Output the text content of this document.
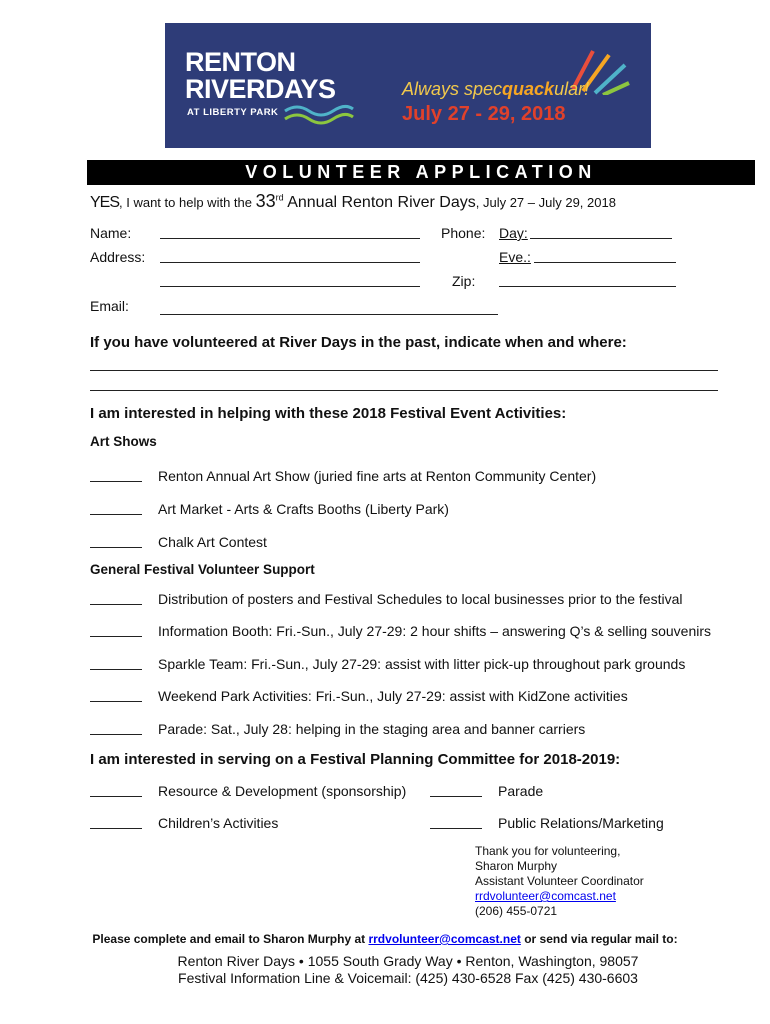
RENTON
RIVERDAYS
AT LIBERTY PARK
Always specquackular!
July 27 - 29, 2018
VOLUNTEER APPLICATION
YES, I want to help with the 33rd Annual Renton River Days, July 27 – July 29, 2018
Name:	Phone: Day:
Address:	Eve.:
Zip:
Email:
If you have volunteered at River Days in the past, indicate when and where:
I am interested in helping with these 2018 Festival Event Activities:
Art Shows
Renton Annual Art Show (juried fine arts at Renton Community Center)
Art Market - Arts & Crafts Booths (Liberty Park)
Chalk Art Contest
General Festival Volunteer Support
Distribution of posters and Festival Schedules to local businesses prior to the festival
Information Booth: Fri.-Sun., July 27-29: 2 hour shifts – answering Q’s & selling souvenirs
Sparkle Team: Fri.-Sun., July 27-29: assist with litter pick-up throughout park grounds
Weekend Park Activities: Fri.-Sun., July 27-29: assist with KidZone activities
Parade: Sat., July 28: helping in the staging area and banner carriers
I am interested in serving on a Festival Planning Committee for 2018-2019:
Resource & Development (sponsorship)	Parade
Children’s Activities	Public Relations/Marketing
Thank you for volunteering,
Sharon Murphy
Assistant Volunteer Coordinator
rrdvolunteer@comcast.net
(206) 455-0721
Please complete and email to Sharon Murphy at rrdvolunteer@comcast.net or send via regular mail to:
Renton River Days • 1055 South Grady Way • Renton, Washington, 98057
Festival Information Line & Voicemail: (425) 430-6528 Fax (425) 430-6603
